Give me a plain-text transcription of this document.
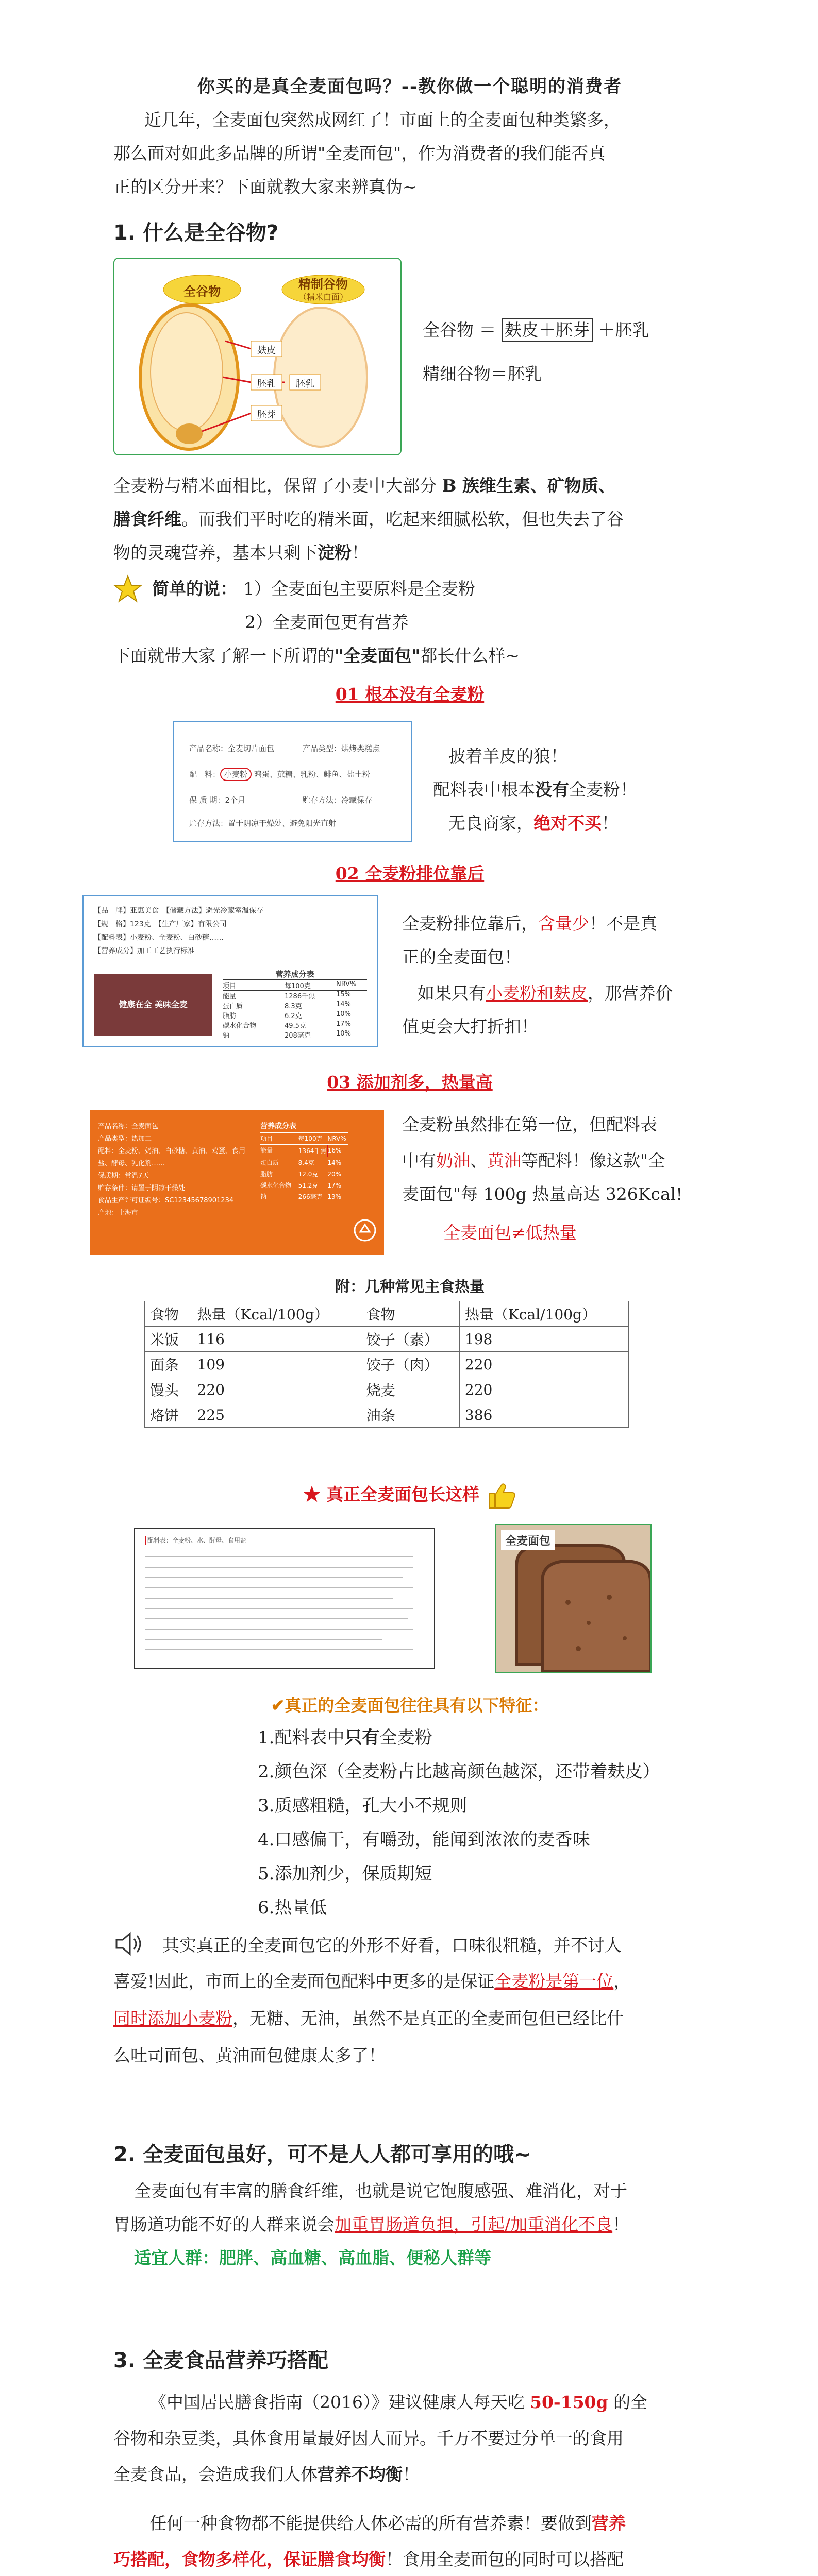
你买的是真全麦面包吗？--教你做一个聪明的消费者
近几年，全麦面包突然成网红了！市面上的全麦面包种类繁多，
那么面对如此多品牌的所谓"全麦面包"，作为消费者的我们能否真
正的区分开来？下面就教大家来辨真伪~
1. 什么是全谷物?
全谷物	精制谷物
（精米白面）
麸皮
胚乳
胚芽
胚乳
全谷物 ＝ 麸皮＋胚芽 ＋胚乳
精细谷物＝胚乳
全麦粉与精米面相比，保留了小麦中大部分 B 族维生素、矿物质、
膳食纤维。而我们平时吃的精米面，吃起来细腻松软，但也失去了谷
物的灵魂营养，基本只剩下淀粉！
简单的说： 1）全麦面包主要原料是全麦粉
2）全麦面包更有营养
下面就带大家了解一下所谓的"全麦面包"都长什么样~
01 根本没有全麦粉
产品名称：全麦切片面包	产品类型：烘烤类糕点
配　料： 小麦粉 鸡蛋、蔗糖、乳粉、鲱鱼、盐土粉
保 质 期：2个月	贮存方法：冷藏保存
贮存方法：置于阴凉干燥处、避免阳光直射
披着羊皮的狼！
配料表中根本没有全麦粉！
无良商家，绝对不买！
02 全麦粉排位靠后
【品　牌】亚惠美食　【储藏方法】避光冷藏室温保存
【规　格】123克　【生产厂家】有限公司
【配料表】小麦粉、全麦粉、白砂糖……
【营养成分】加工工艺执行标准
健康在全 美味全麦
营养成分表
项目	每100克	NRV%
能量	1286千焦	15%
蛋白质	8.3克	14%
脂肪	6.2克	10%
碳水化合物	49.5克	17%
钠	208毫克	10%
全麦粉排位靠后，含量少！不是真
正的全麦面包！
如果只有小麦粉和麸皮，那营养价
值更会大打折扣！
03 添加剂多，热量高
产品名称：全麦面包
产品类型：热加工
配料：全麦粉、奶油、白砂糖、黄油、鸡蛋、食用盐、酵母、乳化剂……
保质期：常温7天
贮存条件：请置于阴凉干燥处
食品生产许可证编号：SC12345678901234
产地：上海市
营养成分表
项目	每100克 NRV%
能量	1364千焦 16%
蛋白质	8.4克	14%
脂肪	12.0克	20%
碳水化合物	51.2克	17%
钠	266毫克 13%
全麦粉虽然排在第一位，但配料表
中有奶油、黄油等配料！像这款"全
麦面包"每 100g 热量高达 326Kcal!
全麦面包≠低热量
附：几种常见主食热量
食物	热量（Kcal/100g）	食物	热量（Kcal/100g）
米饭	116	饺子（素）	198
面条	109	饺子（肉）	220
馒头	220	烧麦	220
烙饼	225	油条	386
★ 真正全麦面包长这样
配料表：全麦粉、水、酵母、食用盐	全麦面包
✔真正的全麦面包往往具有以下特征：
1.配料表中只有全麦粉
2.颜色深（全麦粉占比越高颜色越深，还带着麸皮）
3.质感粗糙，孔大小不规则
4.口感偏干，有嚼劲，能闻到浓浓的麦香味
5.添加剂少，保质期短
6.热量低
其实真正的全麦面包它的外形不好看，口味很粗糙，并不讨人
喜爱!因此，市面上的全麦面包配料中更多的是保证全麦粉是第一位，
同时添加小麦粉，无糖、无油，虽然不是真正的全麦面包但已经比什
么吐司面包、黄油面包健康太多了！
2. 全麦面包虽好，可不是人人都可享用的哦~
全麦面包有丰富的膳食纤维，也就是说它饱腹感强、难消化，对于
胃肠道功能不好的人群来说会加重胃肠道负担，引起/加重消化不良！
适宜人群：肥胖、高血糖、高血脂、便秘人群等
3. 全麦食品营养巧搭配
《中国居民膳食指南（2016）》建议健康人每天吃 50-150g 的全
谷物和杂豆类，具体食用量最好因人而异。千万不要过分单一的食用
全麦食品，会造成我们人体营养不均衡！
任何一种食物都不能提供给人体必需的所有营养素！要做到营养
巧搭配，食物多样化，保证膳食均衡！食用全麦面包的同时可以搭配
